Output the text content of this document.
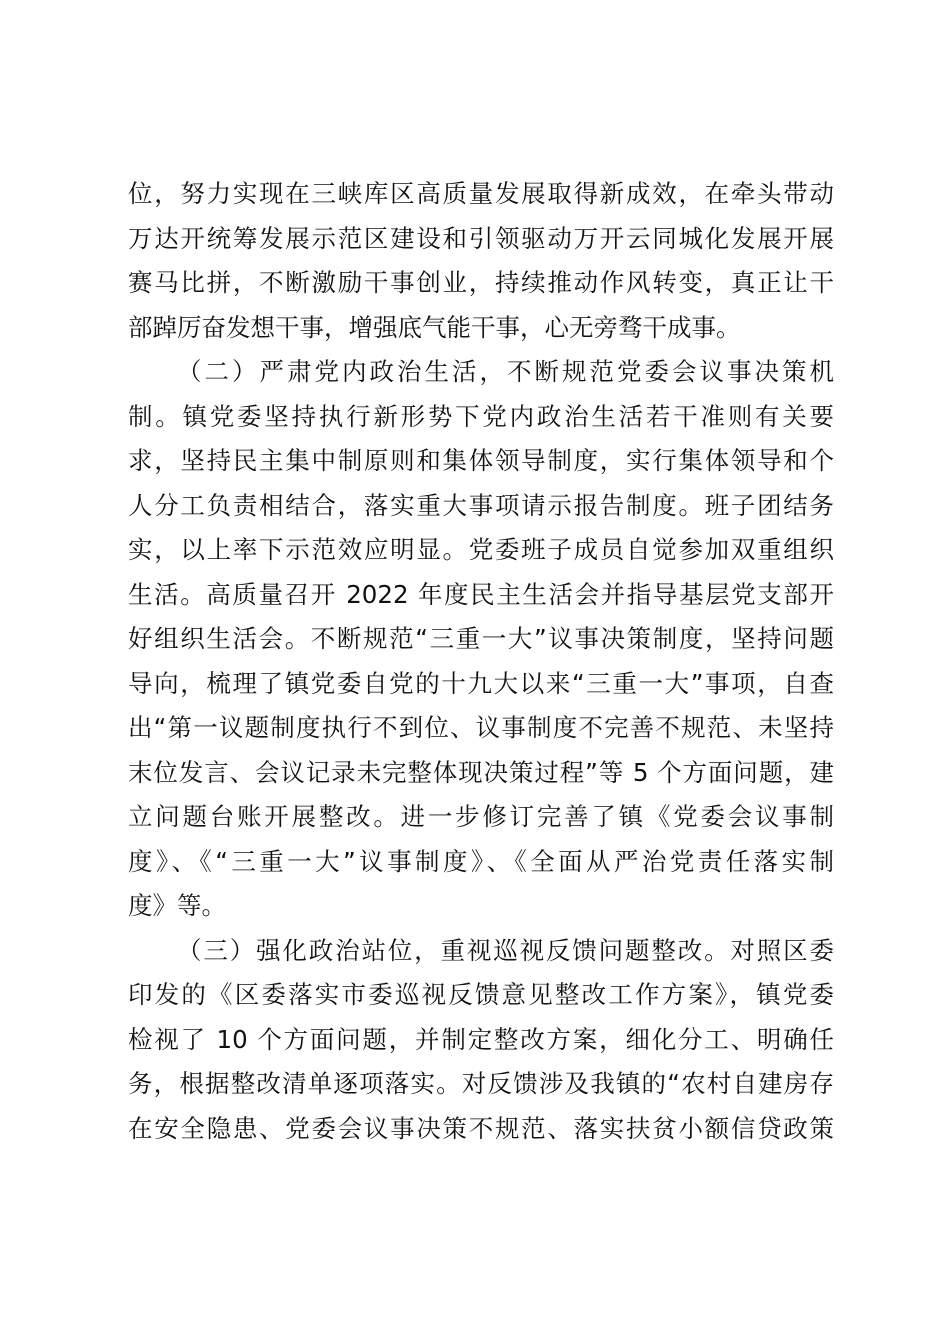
位，努力实现在三峡库区高质量发展取得新成效，在牵头带动
万达开统筹发展示范区建设和引领驱动万开云同城化发展开展
赛马比拼，不断激励干事创业，持续推动作风转变，真正让干
部踔厉奋发想干事，增强底气能干事，心无旁骛干成事。
（二）严肃党内政治生活，不断规范党委会议事决策机
制。镇党委坚持执行新形势下党内政治生活若干准则有关要
求，坚持民主集中制原则和集体领导制度，实行集体领导和个
人分工负责相结合，落实重大事项请示报告制度。班子团结务
实，以上率下示范效应明显。党委班子成员自觉参加双重组织
生活。高质量召开 2022 年度民主生活会并指导基层党支部开
好组织生活会。不断规范“三重一大”议事决策制度，坚持问题
导向，梳理了镇党委自党的十九大以来“三重一大”事项，自查
出“第一议题制度执行不到位、议事制度不完善不规范、未坚持
末位发言、会议记录未完整体现决策过程”等 5 个方面问题，建
立问题台账开展整改。进一步修订完善了镇《党委会议事制
度》、《“三重一大”议事制度》、《全面从严治党责任落实制
度》等。
（三）强化政治站位，重视巡视反馈问题整改。对照区委
印发的《区委落实市委巡视反馈意见整改工作方案》，镇党委
检视了 10 个方面问题，并制定整改方案，细化分工、明确任
务，根据整改清单逐项落实。对反馈涉及我镇的“农村自建房存
在安全隐患、党委会议事决策不规范、落实扶贫小额信贷政策
